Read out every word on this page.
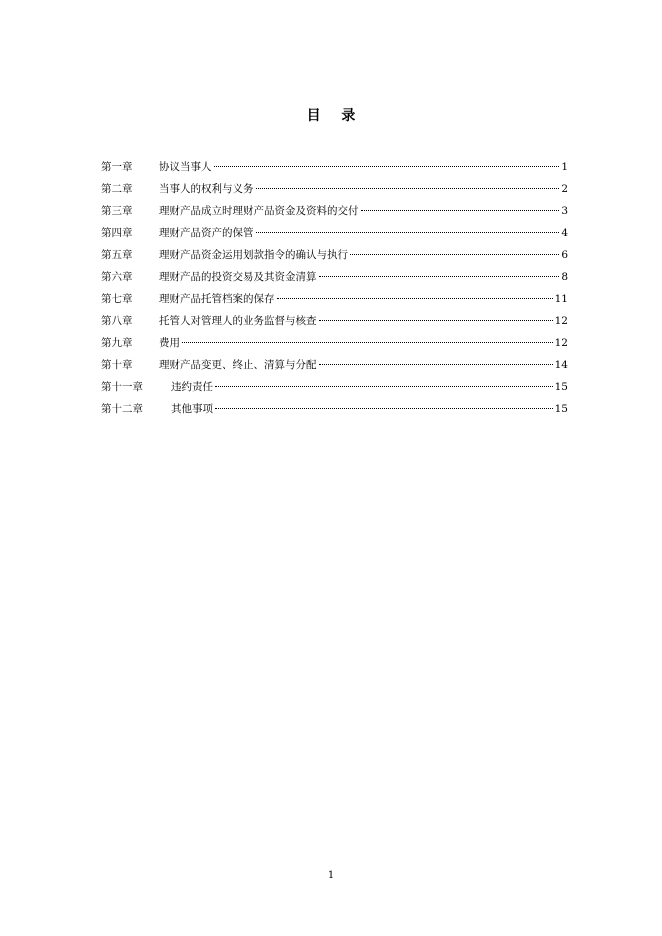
目 录
第一章	协议当事人	1
第二章	当事人的权利与义务	2
第三章	理财产品成立时理财产品资金及资料的交付	3
第四章	理财产品资产的保管	4
第五章	理财产品资金运用划款指令的确认与执行	6
第六章	理财产品的投资交易及其资金清算	8
第七章	理财产品托管档案的保存	11
第八章	托管人对管理人的业务监督与核查	12
第九章	费用	12
第十章	理财产品变更、终止、清算与分配	14
第十一章	违约责任	15
第十二章	其他事项	15
1
